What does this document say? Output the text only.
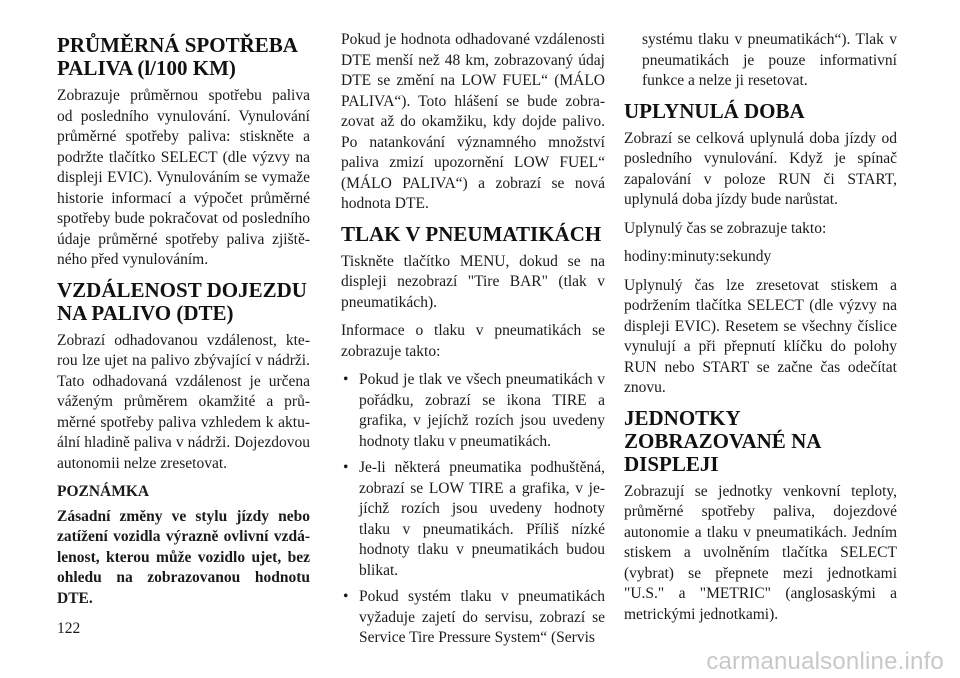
PRŮMĚRNÁ SPOTŘEBA PALIVA (l/100 KM)

Zobrazuje průměrnou spotřebu paliva od posledního vynulování. Vynulování průměrné spotřeby paliva: stiskněte a podržte tlačítko SELECT (dle výzvy na displeji EVIC). Vynulováním se vymaže historie informací a výpočet průměrné spotřeby bude pokračovat od posledního údaje průměrné spotřeby paliva zjištěného před vynulováním.

VZDÁLENOST DOJEZDU NA PALIVO (DTE)

Zobrazí odhadovanou vzdálenost, kterou lze ujet na palivo zbývající v nádrži. Tato odhadovaná vzdálenost je určena váženým průměrem okamžité a průměrné spotřeby paliva vzhledem k aktuální hladině paliva v nádrži. Dojezdovou autonomii nelze zresetovat.

POZNÁMKA

Zásadní změny ve stylu jízdy nebo zatížení vozidla výrazně ovlivní vzdálenost, kterou může vozidlo ujet, bez ohledu na zobrazovanou hodnotu DTE.

Pokud je hodnota odhadované vzdálenosti DTE menší než 48 km, zobrazovaný údaj DTE se změní na LOW FUEL“ (MÁLO PALIVA“). Toto hlášení se bude zobrazovat až do okamžiku, kdy dojde palivo. Po natankování významného množství paliva zmizí upozornění LOW FUEL“ (MÁLO PALIVA“) a zobrazí se nová hodnota DTE.

TLAK V PNEUMATIKÁCH

Tiskněte tlačítko MENU, dokud se na displeji nezobrazí "Tire BAR" (tlak v pneumatikách).

Informace o tlaku v pneumatikách se zobrazuje takto:

• Pokud je tlak ve všech pneumatikách v pořádku, zobrazí se ikona TIRE a grafika, v jejíchž rozích jsou uvedeny hodnoty tlaku v pneumatikách.
• Je-li některá pneumatika podhuštěná, zobrazí se LOW TIRE a grafika, v jejíchž rozích jsou uvedeny hodnoty tlaku v pneumatikách. Příliš nízké hodnoty tlaku v pneumatikách budou blikat.
• Pokud systém tlaku v pneumatikách vyžaduje zajetí do servisu, zobrazí se Service Tire Pressure System“ (Servis

systému tlaku v pneumatikách“). Tlak v pneumatikách je pouze informativní funkce a nelze ji resetovat.

UPLYNULÁ DOBA

Zobrazí se celková uplynulá doba jízdy od posledního vynulování. Když je spínač zapalování v poloze RUN či START, uplynulá doba jízdy bude narůstat.

Uplynulý čas se zobrazuje takto:

hodiny:minuty:sekundy

Uplynulý čas lze zresetovat stiskem a podržením tlačítka SELECT (dle výzvy na displeji EVIC). Resetem se všechny číslice vynulují a při přepnutí klíčku do polohy RUN nebo START se začne čas odečítat znovu.

JEDNOTKY ZOBRAZOVANÉ NA DISPLEJI

Zobrazují se jednotky venkovní teploty, průměrné spotřeby paliva, dojezdové autonomie a tlaku v pneumatikách. Jedním stiskem a uvolněním tlačítka SELECT (vybrat) se přepnete mezi jednotkami "U.S." a "METRIC" (anglosaskými a metrickými jednotkami).

122
carmanualsonline.info
